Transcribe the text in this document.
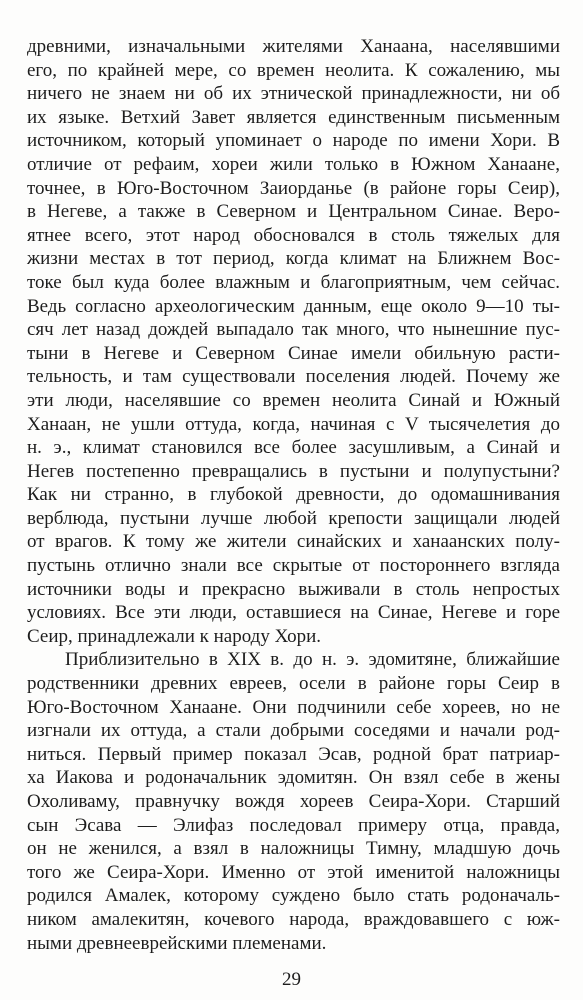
древними, изначальными жителями Ханаана, населявшими
его, по крайней мере, со времен неолита. К сожалению, мы
ничего не знаем ни об их этнической принадлежности, ни об
их языке. Ветхий Завет является единственным письменным
источником, который упоминает о народе по имени Хори. В
отличие от рефаим, хореи жили только в Южном Ханаане,
точнее, в Юго-Восточном Заиорданье (в районе горы Сеир),
в Негеве, а также в Северном и Центральном Синае. Веро-
ятнее всего, этот народ обосновался в столь тяжелых для
жизни местах в тот период, когда климат на Ближнем Вос-
токе был куда более влажным и благоприятным, чем сейчас.
Ведь согласно археологическим данным, еще около 9—10 ты-
сяч лет назад дождей выпадало так много, что нынешние пус-
тыни в Негеве и Северном Синае имели обильную расти-
тельность, и там существовали поселения людей. Почему же
эти люди, населявшие со времен неолита Синай и Южный
Ханаан, не ушли оттуда, когда, начиная с V тысячелетия до
н. э., климат становился все более засушливым, а Синай и
Негев постепенно превращались в пустыни и полупустыни?
Как ни странно, в глубокой древности, до одомашнивания
верблюда, пустыни лучше любой крепости защищали людей
от врагов. К тому же жители синайских и ханаанских полу-
пустынь отлично знали все скрытые от постороннего взгляда
источники воды и прекрасно выживали в столь непростых
условиях. Все эти люди, оставшиеся на Синае, Негеве и горе
Сеир, принадлежали к народу Хори.
Приблизительно в XIX в. до н. э. эдомитяне, ближайшие
родственники древних евреев, осели в районе горы Сеир в
Юго-Восточном Ханаане. Они подчинили себе хореев, но не
изгнали их оттуда, а стали добрыми соседями и начали род-
ниться. Первый пример показал Эсав, родной брат патриар-
ха Иакова и родоначальник эдомитян. Он взял себе в жены
Охоливаму, правнучку вождя хореев Сеира-Хори. Старший
сын Эсава — Элифаз последовал примеру отца, правда,
он не женился, а взял в наложницы Тимну, младшую дочь
того же Сеира-Хори. Именно от этой именитой наложницы
родился Амалек, которому суждено было стать родоначаль-
ником амалекитян, кочевого народа, враждовавшего с юж-
ными древнееврейскими племенами.
29
